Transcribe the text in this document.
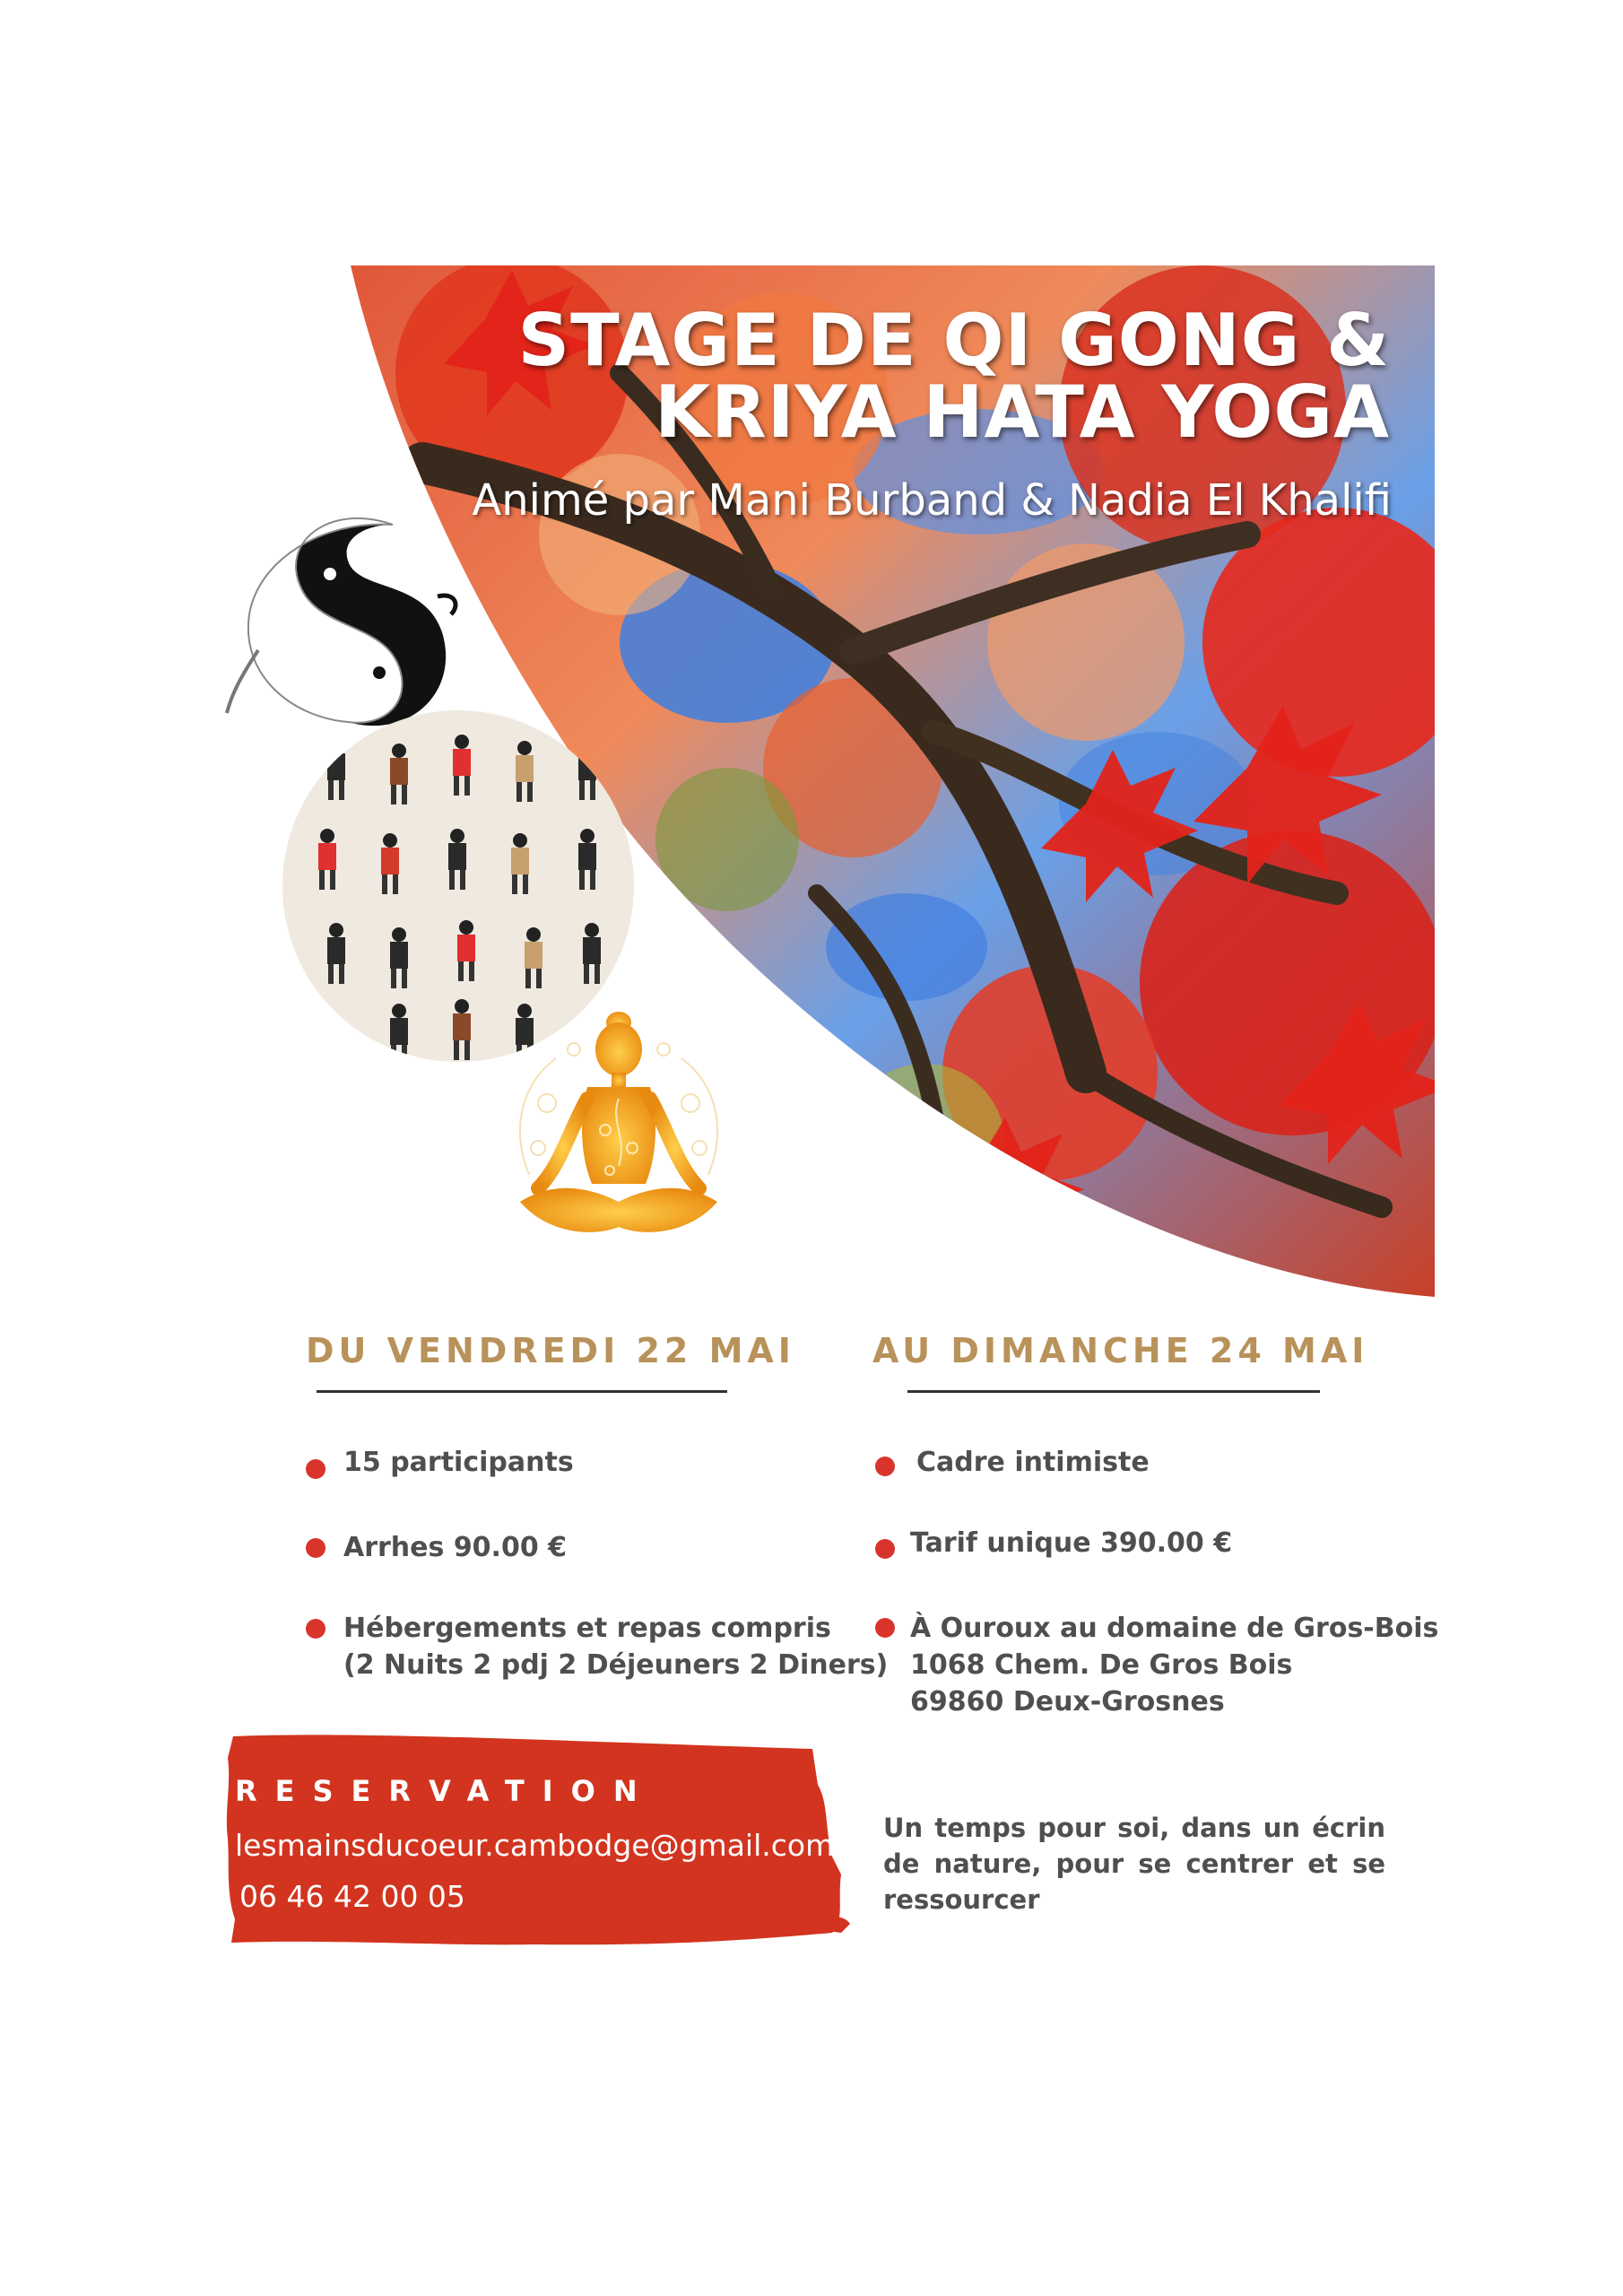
STAGE DE QI GONG &
KRIYA HATA YOGA
Animé par Mani Burband & Nadia El Khalifi
DU VENDREDI 22 MAI AU DIMANCHE 24 MAI
15 participants
Arrhes 90.00 €
Hébergements et repas compris
(2 Nuits 2 pdj 2 Déjeuners 2 Diners)
Cadre intimiste
Tarif unique 390.00 €
À Ouroux au domaine de Gros-Bois
1068 Chem. De Gros Bois
69860 Deux-Grosnes
RESERVATION
lesmainsducoeur.cambodge@gmail.com
06 46 42 00 05
Un temps pour soi, dans un écrin de nature, pour se centrer et se ressourcer
